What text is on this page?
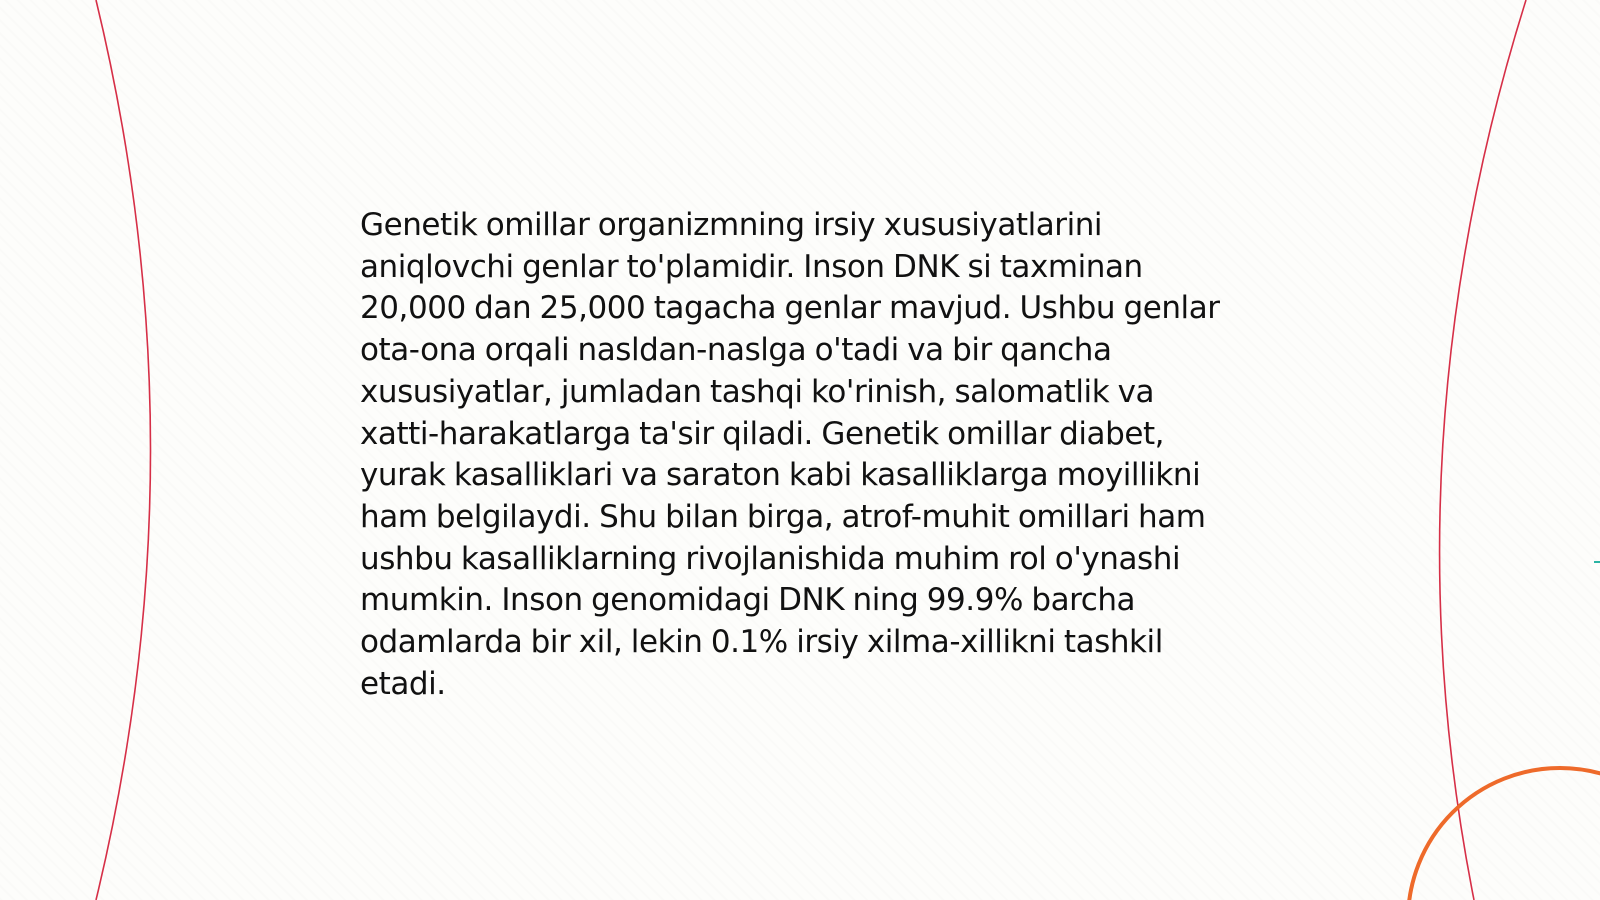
Genetik omillar organizmning irsiy xususiyatlarini aniqlovchi genlar to'plamidir. Inson DNK si taxminan 20,000 dan 25,000 tagacha genlar mavjud. Ushbu genlar ota-ona orqali nasldan-naslga o'tadi va bir qancha xususiyatlar, jumladan tashqi ko'rinish, salomatlik va xatti-harakatlarga ta'sir qiladi. Genetik omillar diabet, yurak kasalliklari va saraton kabi kasalliklarga moyillikni ham belgilaydi. Shu bilan birga, atrof-muhit omillari ham ushbu kasalliklarning rivojlanishida muhim rol o'ynashi mumkin. Inson genomidagi DNK ning 99.9% barcha odamlarda bir xil, lekin 0.1% irsiy xilma-xillikni tashkil etadi.
